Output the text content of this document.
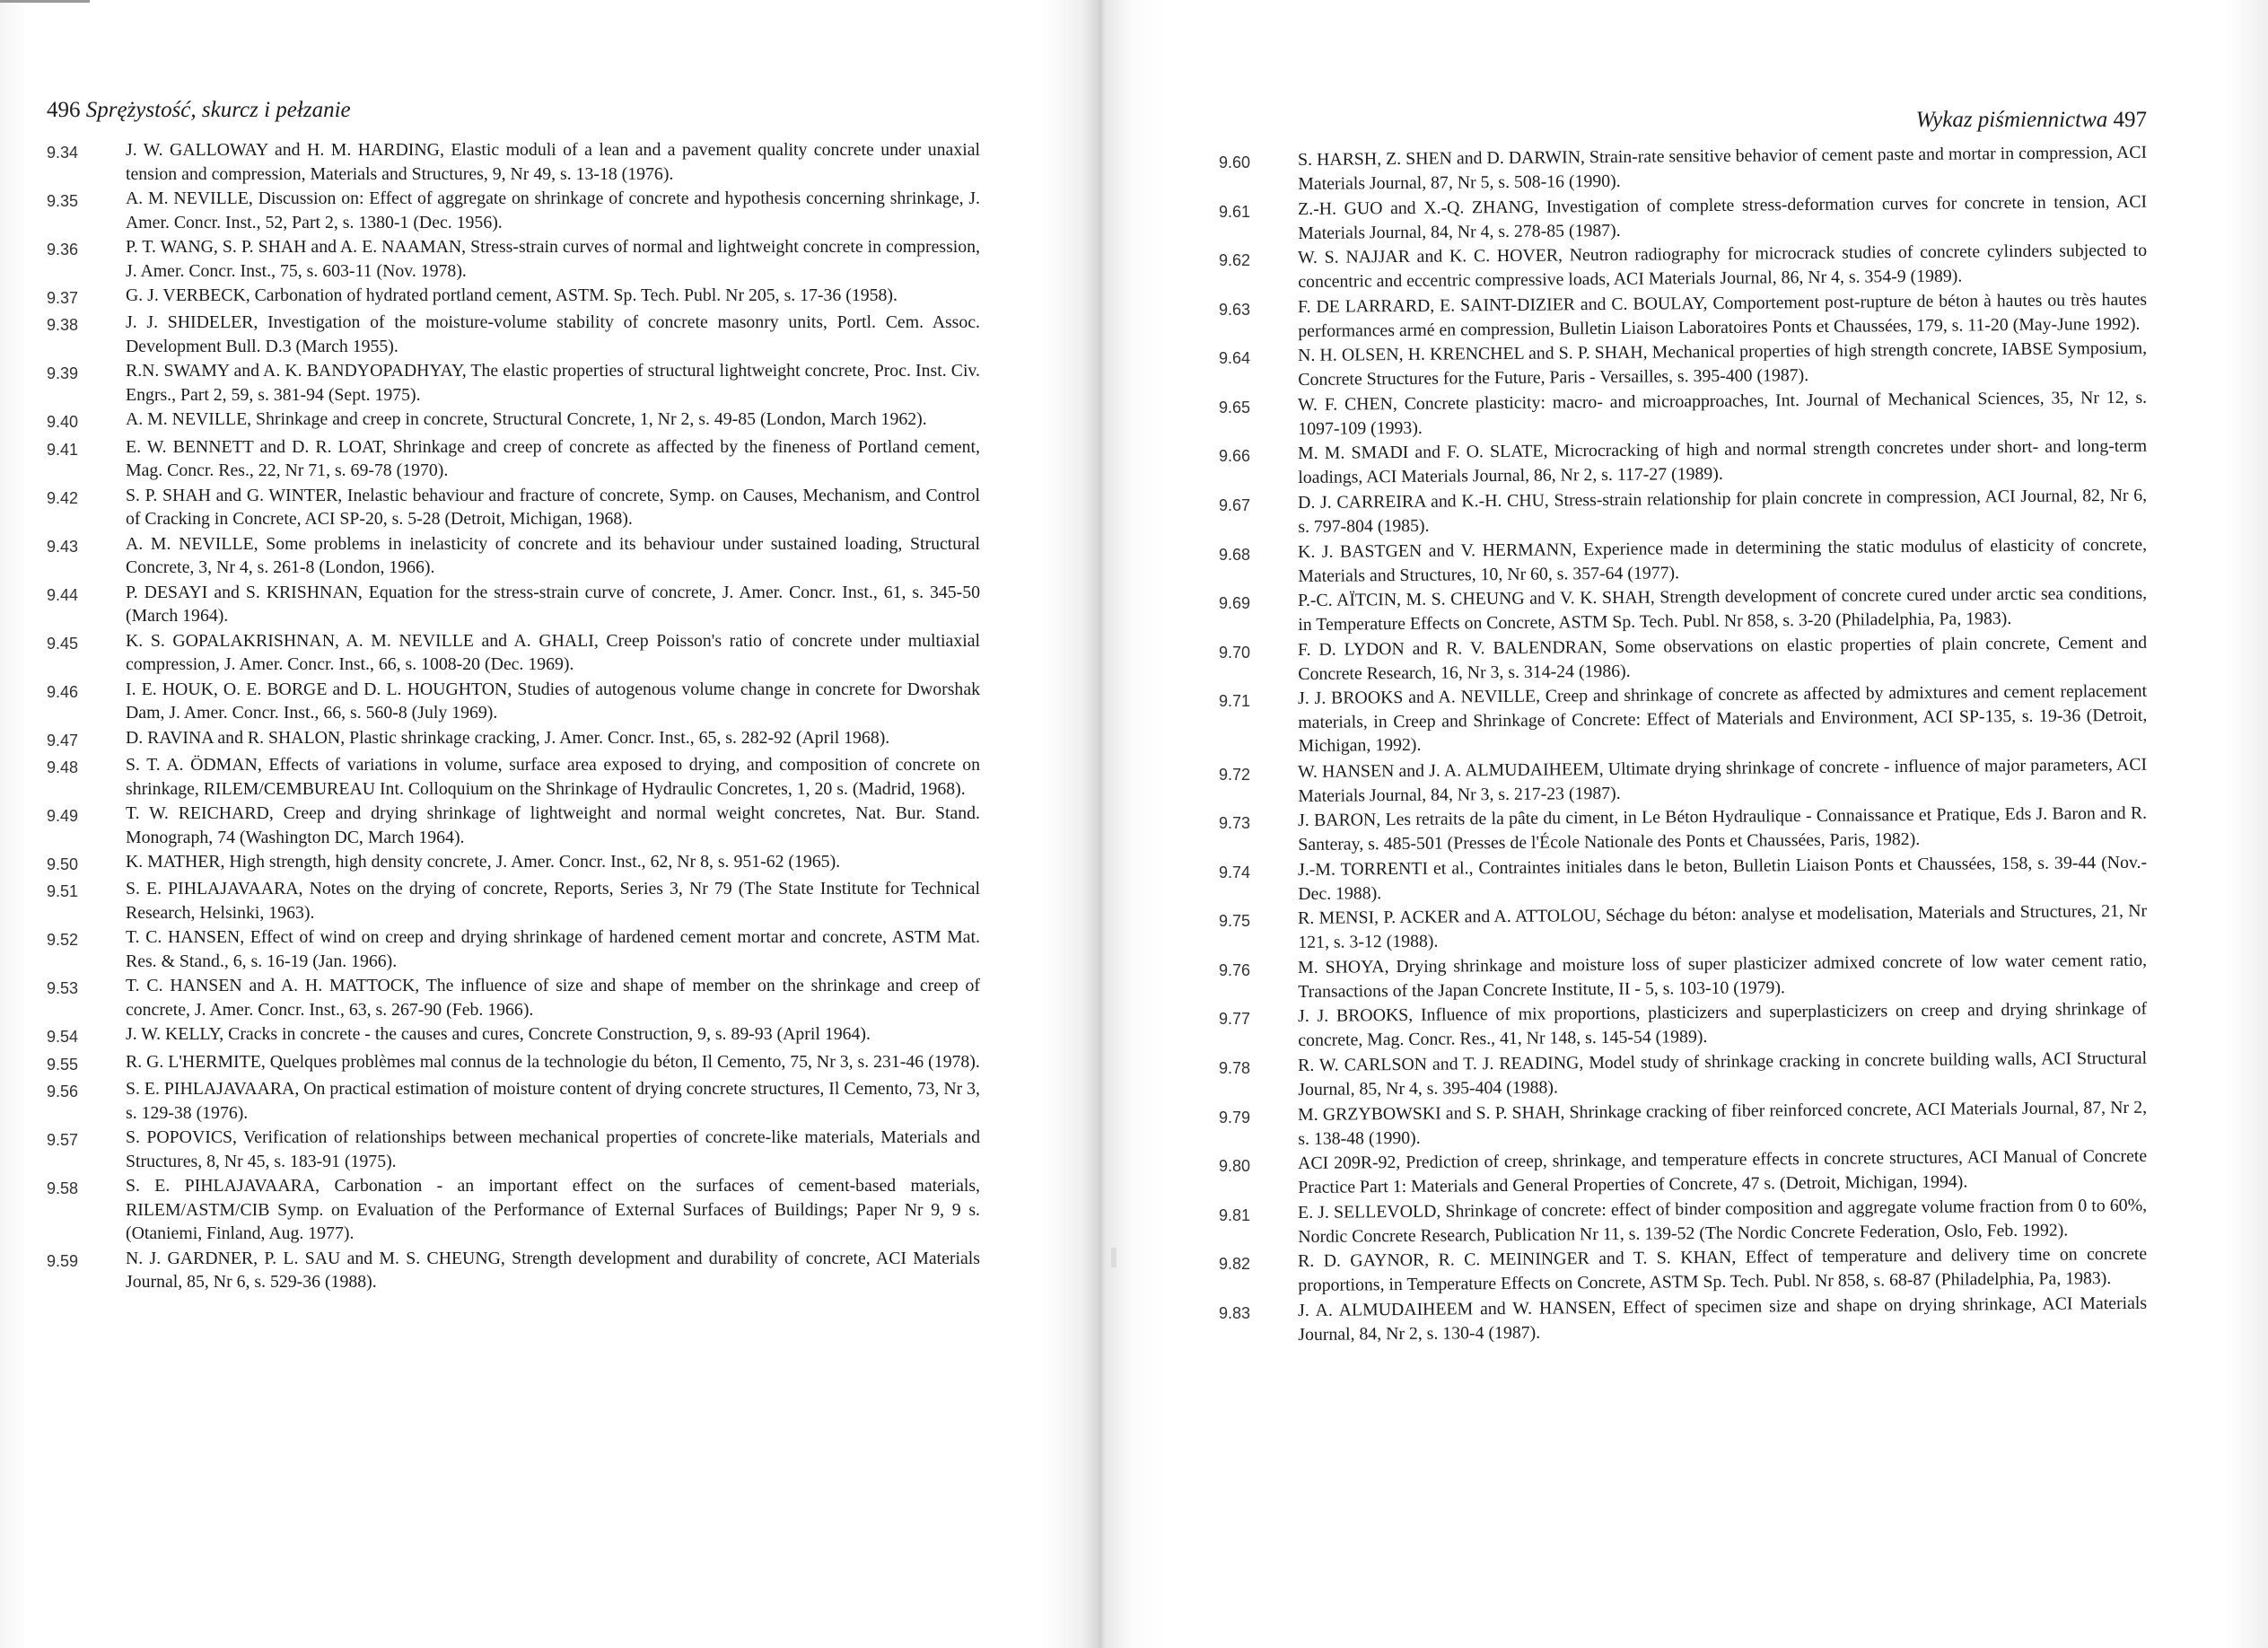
496 Sprężystość, skurcz i pełzanie
9.34	J. W. GALLOWAY and H. M. HARDING, Elastic moduli of a lean and a pavement quality concrete under unaxial tension and compression, Materials and Structures, 9, Nr 49, s. 13-18 (1976).
9.35	A. M. NEVILLE, Discussion on: Effect of aggregate on shrinkage of concrete and hypothesis concerning shrinkage, J. Amer. Concr. Inst., 52, Part 2, s. 1380-1 (Dec. 1956).
9.36	P. T. WANG, S. P. SHAH and A. E. NAAMAN, Stress-strain curves of normal and lightweight concrete in compression, J. Amer. Concr. Inst., 75, s. 603-11 (Nov. 1978).
9.37	G. J. VERBECK, Carbonation of hydrated portland cement, ASTM. Sp. Tech. Publ. Nr 205, s. 17-36 (1958).
9.38	J. J. SHIDELER, Investigation of the moisture-volume stability of concrete masonry units, Portl. Cem. Assoc. Development Bull. D.3 (March 1955).
9.39	R.N. SWAMY and A. K. BANDYOPADHYAY, The elastic properties of structural lightweight concrete, Proc. Inst. Civ. Engrs., Part 2, 59, s. 381-94 (Sept. 1975).
9.40	A. M. NEVILLE, Shrinkage and creep in concrete, Structural Concrete, 1, Nr 2, s. 49-85 (London, March 1962).
9.41	E. W. BENNETT and D. R. LOAT, Shrinkage and creep of concrete as affected by the fineness of Portland cement, Mag. Concr. Res., 22, Nr 71, s. 69-78 (1970).
9.42	S. P. SHAH and G. WINTER, Inelastic behaviour and fracture of concrete, Symp. on Causes, Mechanism, and Control of Cracking in Concrete, ACI SP-20, s. 5-28 (Detroit, Michigan, 1968).
9.43	A. M. NEVILLE, Some problems in inelasticity of concrete and its behaviour under sustained loading, Structural Concrete, 3, Nr 4, s. 261-8 (London, 1966).
9.44	P. DESAYI and S. KRISHNAN, Equation for the stress-strain curve of concrete, J. Amer. Concr. Inst., 61, s. 345-50 (March 1964).
9.45	K. S. GOPALAKRISHNAN, A. M. NEVILLE and A. GHALI, Creep Poisson's ratio of concrete under multiaxial compression, J. Amer. Concr. Inst., 66, s. 1008-20 (Dec. 1969).
9.46	I. E. HOUK, O. E. BORGE and D. L. HOUGHTON, Studies of autogenous volume change in concrete for Dworshak Dam, J. Amer. Concr. Inst., 66, s. 560-8 (July 1969).
9.47	D. RAVINA and R. SHALON, Plastic shrinkage cracking, J. Amer. Concr. Inst., 65, s. 282-92 (April 1968).
9.48	S. T. A. ÖDMAN, Effects of variations in volume, surface area exposed to drying, and composition of concrete on shrinkage, RILEM/CEMBUREAU Int. Colloquium on the Shrinkage of Hydraulic Concretes, 1, 20 s. (Madrid, 1968).
9.49	T. W. REICHARD, Creep and drying shrinkage of lightweight and normal weight concretes, Nat. Bur. Stand. Monograph, 74 (Washington DC, March 1964).
9.50	K. MATHER, High strength, high density concrete, J. Amer. Concr. Inst., 62, Nr 8, s. 951-62 (1965).
9.51	S. E. PIHLAJAVAARA, Notes on the drying of concrete, Reports, Series 3, Nr 79 (The State Institute for Technical Research, Helsinki, 1963).
9.52	T. C. HANSEN, Effect of wind on creep and drying shrinkage of hardened cement mortar and concrete, ASTM Mat. Res. & Stand., 6, s. 16-19 (Jan. 1966).
9.53	T. C. HANSEN and A. H. MATTOCK, The influence of size and shape of member on the shrinkage and creep of concrete, J. Amer. Concr. Inst., 63, s. 267-90 (Feb. 1966).
9.54	J. W. KELLY, Cracks in concrete - the causes and cures, Concrete Construction, 9, s. 89-93 (April 1964).
9.55	R. G. L'HERMITE, Quelques problèmes mal connus de la technologie du béton, Il Cemento, 75, Nr 3, s. 231-46 (1978).
9.56	S. E. PIHLAJAVAARA, On practical estimation of moisture content of drying concrete structures, Il Cemento, 73, Nr 3, s. 129-38 (1976).
9.57	S. POPOVICS, Verification of relationships between mechanical properties of concrete-like materials, Materials and Structures, 8, Nr 45, s. 183-91 (1975).
9.58	S. E. PIHLAJAVAARA, Carbonation - an important effect on the surfaces of cement-based materials, RILEM/ASTM/CIB Symp. on Evaluation of the Performance of External Surfaces of Buildings; Paper Nr 9, 9 s. (Otaniemi, Finland, Aug. 1977).
9.59	N. J. GARDNER, P. L. SAU and M. S. CHEUNG, Strength development and durability of concrete, ACI Materials Journal, 85, Nr 6, s. 529-36 (1988).
Wykaz piśmiennictwa 497
9.60	S. HARSH, Z. SHEN and D. DARWIN, Strain-rate sensitive behavior of cement paste and mortar in compression, ACI Materials Journal, 87, Nr 5, s. 508-16 (1990).
9.61	Z.-H. GUO and X.-Q. ZHANG, Investigation of complete stress-deformation curves for concrete in tension, ACI Materials Journal, 84, Nr 4, s. 278-85 (1987).
9.62	W. S. NAJJAR and K. C. HOVER, Neutron radiography for microcrack studies of concrete cylinders subjected to concentric and eccentric compressive loads, ACI Materials Journal, 86, Nr 4, s. 354-9 (1989).
9.63	F. DE LARRARD, E. SAINT-DIZIER and C. BOULAY, Comportement post-rupture de béton à hautes ou très hautes performances armé en compression, Bulletin Liaison Laboratoires Ponts et Chaussées, 179, s. 11-20 (May-June 1992).
9.64	N. H. OLSEN, H. KRENCHEL and S. P. SHAH, Mechanical properties of high strength concrete, IABSE Symposium, Concrete Structures for the Future, Paris - Versailles, s. 395-400 (1987).
9.65	W. F. CHEN, Concrete plasticity: macro- and microapproaches, Int. Journal of Mechanical Sciences, 35, Nr 12, s. 1097-109 (1993).
9.66	M. M. SMADI and F. O. SLATE, Microcracking of high and normal strength concretes under short- and long-term loadings, ACI Materials Journal, 86, Nr 2, s. 117-27 (1989).
9.67	D. J. CARREIRA and K.-H. CHU, Stress-strain relationship for plain concrete in compression, ACI Journal, 82, Nr 6, s. 797-804 (1985).
9.68	K. J. BASTGEN and V. HERMANN, Experience made in determining the static modulus of elasticity of concrete, Materials and Structures, 10, Nr 60, s. 357-64 (1977).
9.69	P.-C. AÏTCIN, M. S. CHEUNG and V. K. SHAH, Strength development of concrete cured under arctic sea conditions, in Temperature Effects on Concrete, ASTM Sp. Tech. Publ. Nr 858, s. 3-20 (Philadelphia, Pa, 1983).
9.70	F. D. LYDON and R. V. BALENDRAN, Some observations on elastic properties of plain concrete, Cement and Concrete Research, 16, Nr 3, s. 314-24 (1986).
9.71	J. J. BROOKS and A. NEVILLE, Creep and shrinkage of concrete as affected by admixtures and cement replacement materials, in Creep and Shrinkage of Concrete: Effect of Materials and Environment, ACI SP-135, s. 19-36 (Detroit, Michigan, 1992).
9.72	W. HANSEN and J. A. ALMUDAIHEEM, Ultimate drying shrinkage of concrete - influence of major parameters, ACI Materials Journal, 84, Nr 3, s. 217-23 (1987).
9.73	J. BARON, Les retraits de la pâte du ciment, in Le Béton Hydraulique - Connaissance et Pratique, Eds J. Baron and R. Santeray, s. 485-501 (Presses de l'École Nationale des Ponts et Chaussées, Paris, 1982).
9.74	J.-M. TORRENTI et al., Contraintes initiales dans le beton, Bulletin Liaison Ponts et Chaussées, 158, s. 39-44 (Nov.-Dec. 1988).
9.75	R. MENSI, P. ACKER and A. ATTOLOU, Séchage du béton: analyse et modelisation, Materials and Structures, 21, Nr 121, s. 3-12 (1988).
9.76	M. SHOYA, Drying shrinkage and moisture loss of super plasticizer admixed concrete of low water cement ratio, Transactions of the Japan Concrete Institute, II - 5, s. 103-10 (1979).
9.77	J. J. BROOKS, Influence of mix proportions, plasticizers and superplasticizers on creep and drying shrinkage of concrete, Mag. Concr. Res., 41, Nr 148, s. 145-54 (1989).
9.78	R. W. CARLSON and T. J. READING, Model study of shrinkage cracking in concrete building walls, ACI Structural Journal, 85, Nr 4, s. 395-404 (1988).
9.79	M. GRZYBOWSKI and S. P. SHAH, Shrinkage cracking of fiber reinforced concrete, ACI Materials Journal, 87, Nr 2, s. 138-48 (1990).
9.80	ACI 209R-92, Prediction of creep, shrinkage, and temperature effects in concrete structures, ACI Manual of Concrete Practice Part 1: Materials and General Properties of Concrete, 47 s. (Detroit, Michigan, 1994).
9.81	E. J. SELLEVOLD, Shrinkage of concrete: effect of binder composition and aggregate volume fraction from 0 to 60%, Nordic Concrete Research, Publication Nr 11, s. 139-52 (The Nordic Concrete Federation, Oslo, Feb. 1992).
9.82	R. D. GAYNOR, R. C. MEININGER and T. S. KHAN, Effect of temperature and delivery time on concrete proportions, in Temperature Effects on Concrete, ASTM Sp. Tech. Publ. Nr 858, s. 68-87 (Philadelphia, Pa, 1983).
9.83	J. A. ALMUDAIHEEM and W. HANSEN, Effect of specimen size and shape on drying shrinkage, ACI Materials Journal, 84, Nr 2, s. 130-4 (1987).
